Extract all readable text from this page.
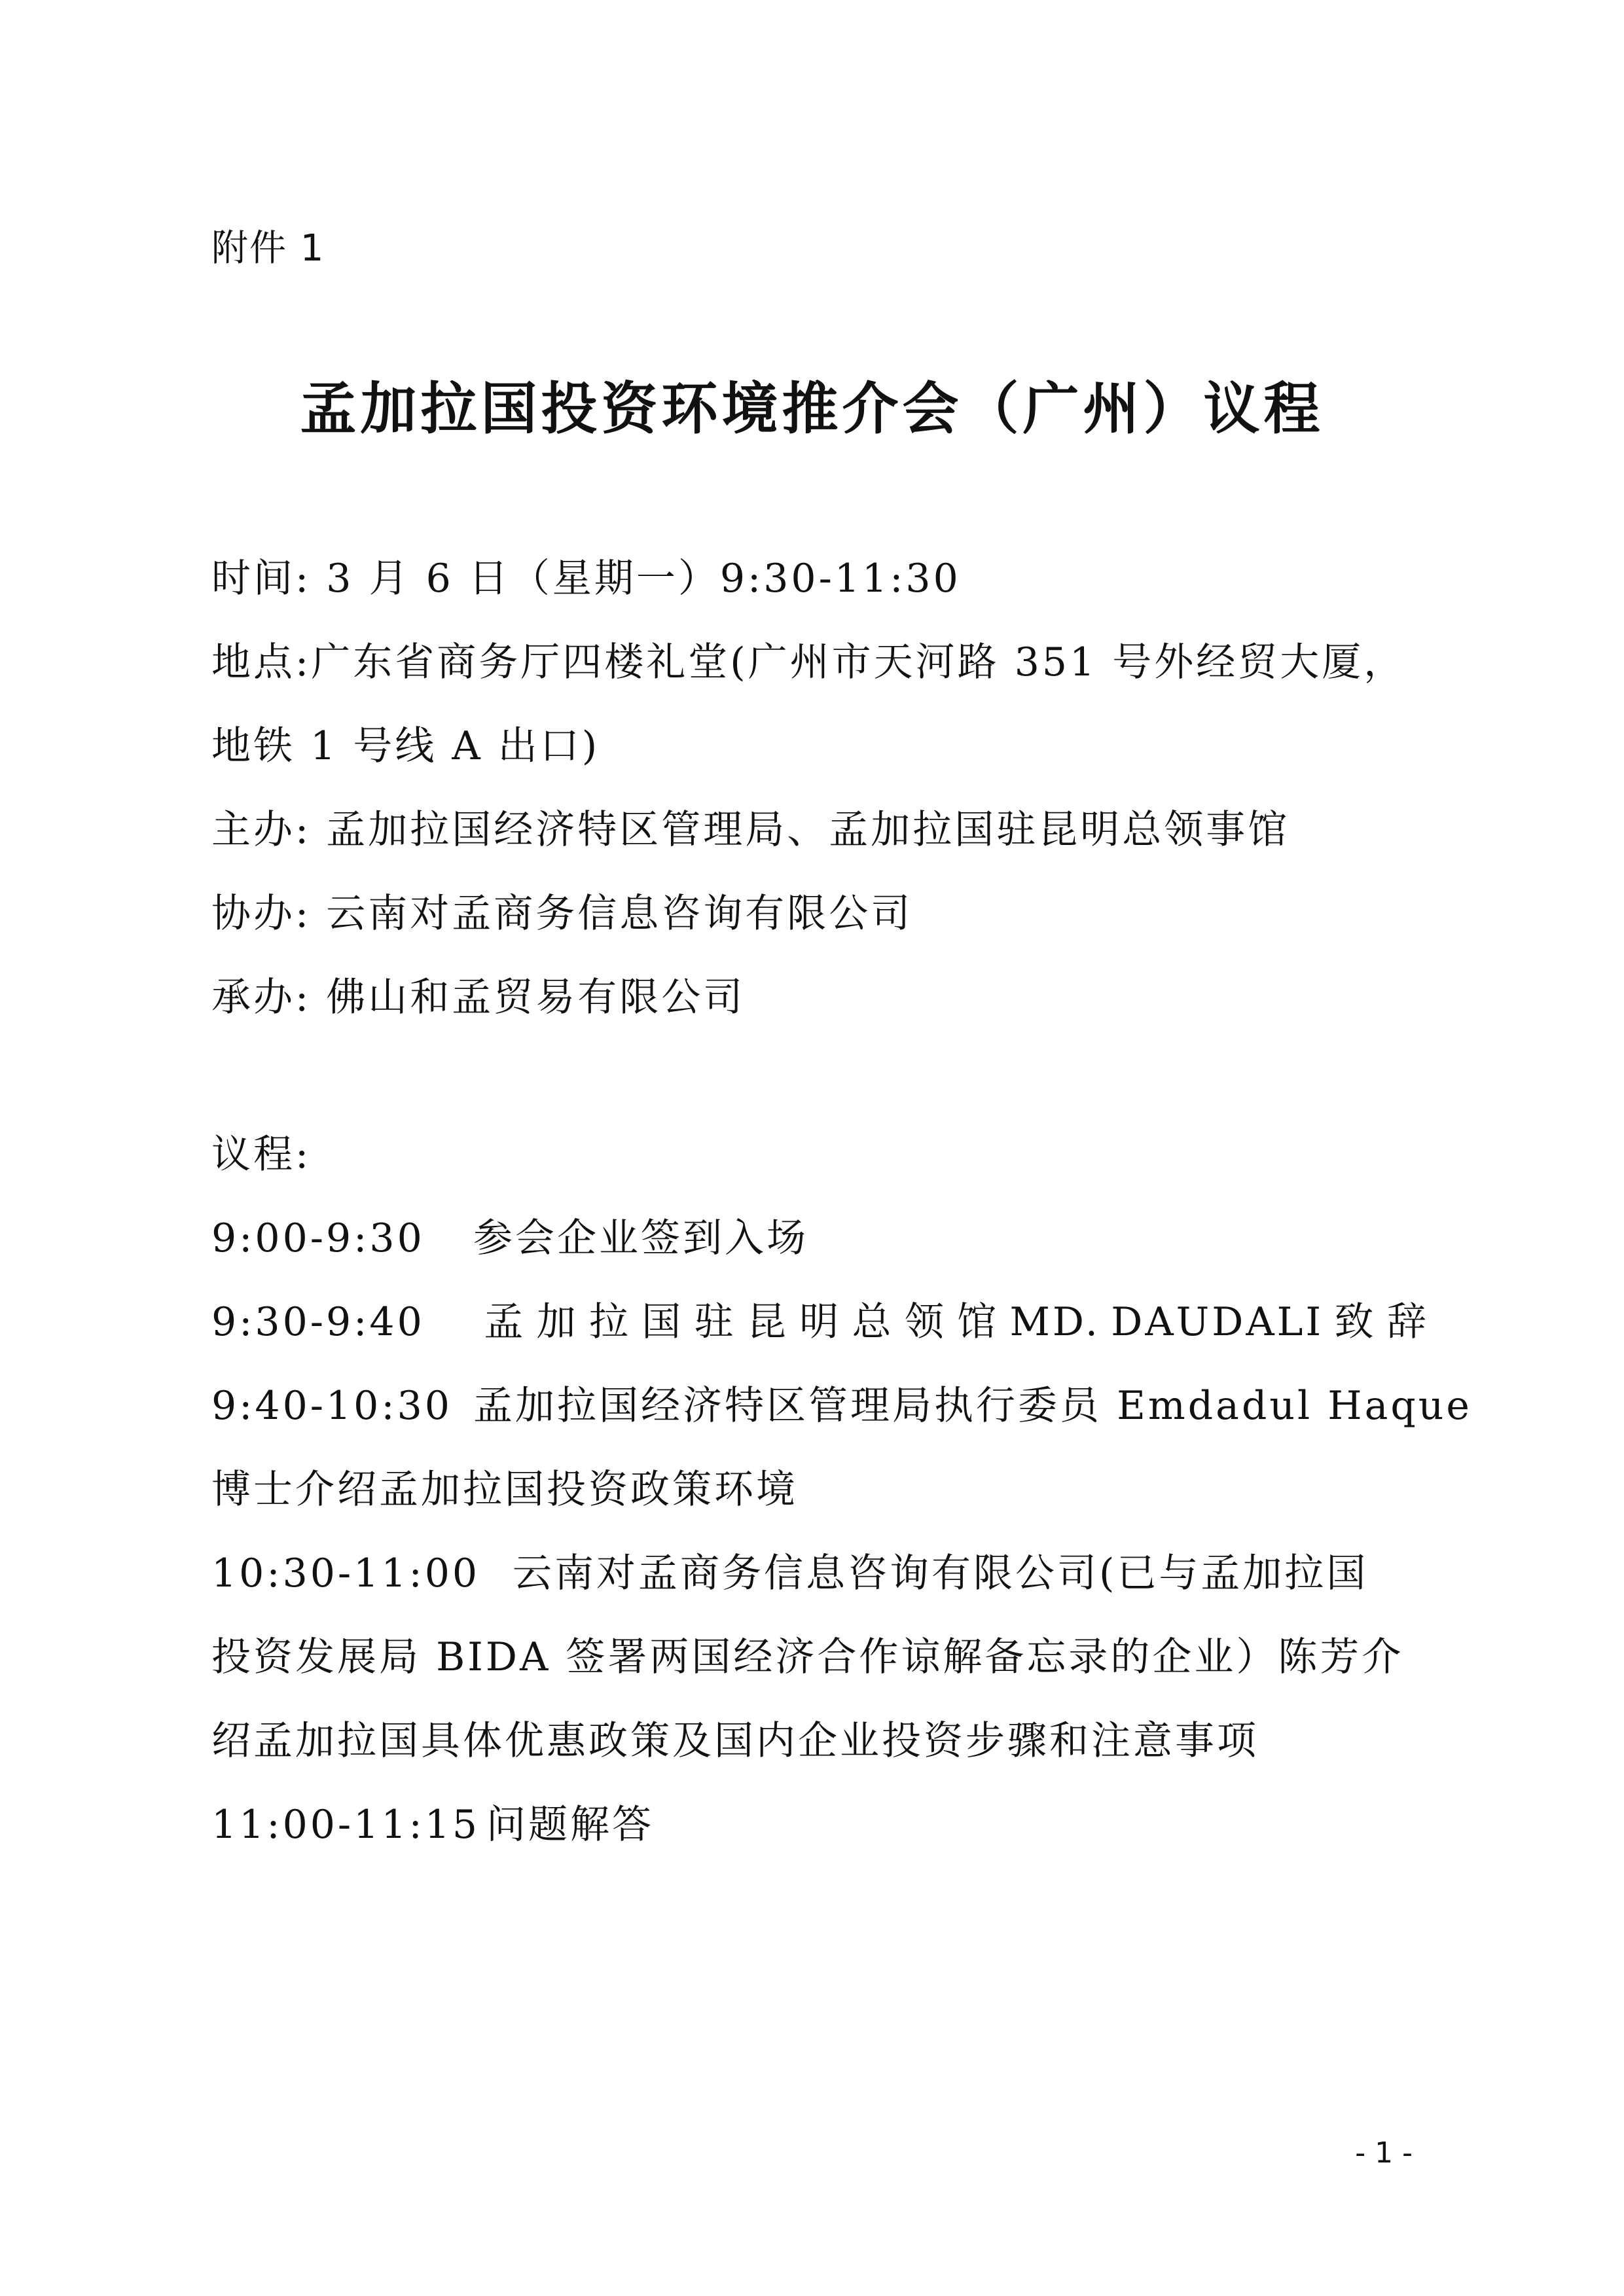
附件 1
孟加拉国投资环境推介会（广州）议程
时间: 3 月 6 日（星期一）9:30-11:30
地点:广东省商务厅四楼礼堂(广州市天河路 351 号外经贸大厦，
地铁 1 号线 A 出口)
主办: 孟加拉国经济特区管理局、孟加拉国驻昆明总领事馆
协办: 云南对孟商务信息咨询有限公司
承办: 佛山和孟贸易有限公司
议程:
9:00-9:30 参会企业签到入场
9:30-9:40	孟 加 拉 国 驻 昆 明 总 领 馆 MD. DAUDALI 致 辞
9:40-10:30 孟加拉国经济特区管理局执行委员 Emdadul Haque
博士介绍孟加拉国投资政策环境
10:30-11:00 云南对孟商务信息咨询有限公司(已与孟加拉国
投资发展局 BIDA 签署两国经济合作谅解备忘录的企业）陈芳介
绍孟加拉国具体优惠政策及国内企业投资步骤和注意事项
11:00-11:15 问题解答
- 1 -
